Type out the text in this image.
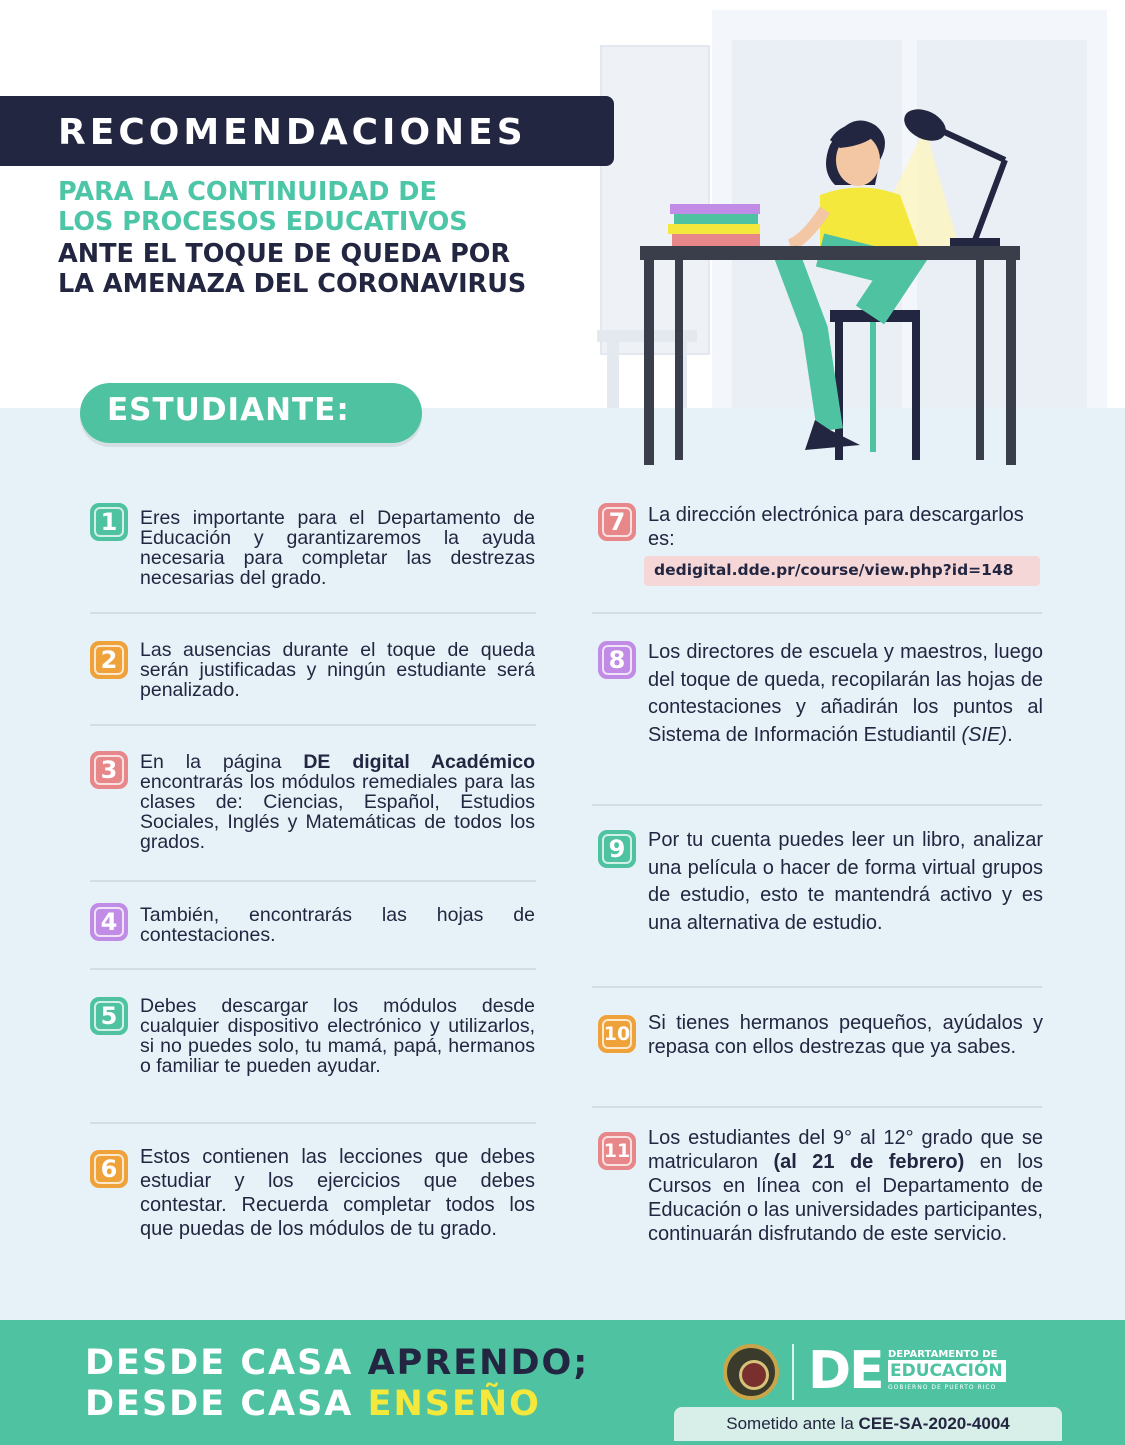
RECOMENDACIONES
PARA LA CONTINUIDAD DE
LOS PROCESOS EDUCATIVOS
ANTE EL TOQUE DE QUEDA POR
LA AMENAZA DEL CORONAVIRUS
ESTUDIANTE:
1	Eres importante para el Departamento de Educación y garantizaremos la ayuda necesaria para completar las destrezas necesarias del grado.
2	Las ausencias durante el toque de queda serán justificadas y ningún estudiante será penalizado.
3	En la página DE digital Académico encontrarás los módulos remediales para las clases de: Ciencias, Español, Estudios Sociales, Inglés y Matemáticas de todos los grados.
4	También, encontrarás las hojas de contestaciones.
5	Debes descargar los módulos desde cualquier dispositivo electrónico y utilizarlos, si no puedes solo, tu mamá, papá, hermanos o familiar te pueden ayudar.
6	Estos contienen las lecciones que debes estudiar y los ejercicios que debes contestar. Recuerda completar todos los que puedas de los módulos de tu grado.
7	La dirección electrónica para descargarlos es:
dedigital.dde.pr/course/view.php?id=148
8	Los directores de escuela y maestros, luego del toque de queda, recopilarán las hojas de contestaciones y añadirán los puntos al Sistema de Información Estudiantil (SIE).
9	Por tu cuenta puedes leer un libro, analizar una película o hacer de forma virtual grupos de estudio, esto te mantendrá activo y es una alternativa de estudio.
10 Si tienes hermanos pequeños, ayúdalos y repasa con ellos destrezas que ya sabes.
11
Los estudiantes del 9° al 12° grado que se matricularon (al 21 de febrero) en los Cursos en línea con el Departamento de Educación o las universidades participantes, continuarán disfrutando de este servicio.
DESDE CASA APRENDO;
DESDE CASA ENSEÑO
DE DEPARTAMENTO DE
EDUCACIÓN
GOBIERNO DE PUERTO RICO
Sometido ante la CEE-SA-2020-4004
